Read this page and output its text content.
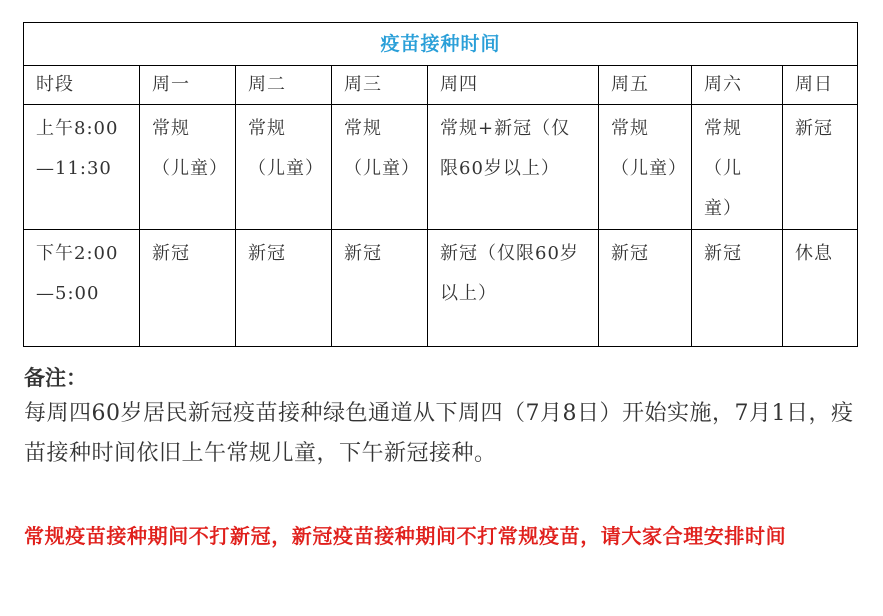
疫苗接种时间							
时段	周一	周二	周三	周四	周五	周六	周日
上午8:00—11:30	常规（儿童）	常规（儿童）	常规（儿童）	常规+新冠（仅限60岁以上）	常规（儿童）	常规（儿童）	新冠
下午2:00—5:00	新冠	新冠	新冠	新冠（仅限60岁以上）	新冠	新冠	休息

备注：

每周四60岁居民新冠疫苗接种绿色通道从下周四（7月8日）开始实施，7月1日，疫苗接种时间依旧上午常规儿童，下午新冠接种。

常规疫苗接种期间不打新冠，新冠疫苗接种期间不打常规疫苗，请大家合理安排时间
